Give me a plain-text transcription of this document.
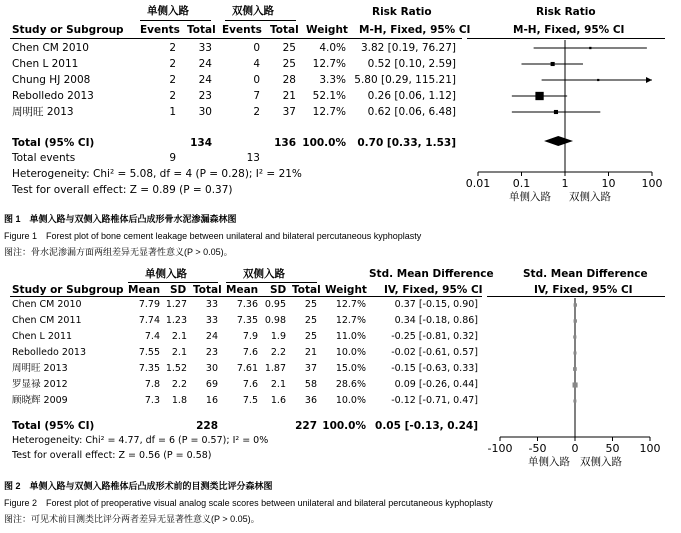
单侧入路	双侧入路	Risk Ratio	Risk Ratio
Study or Subgroup Events Total Events Total Weight M-H, Fixed, 95% CI	M-H, Fixed, 95% CI
Chen CM 2010	2	33	0	25	4.0%	3.82 [0.19, 76.27]
Chen L 2011	2	24	4	25	12.7%	0.52 [0.10, 2.59]
Chung HJ 2008	2	24	0	28	3.3% 5.80 [0.29, 115.21]
Rebolledo 2013	2	23	7	21	52.1%	0.26 [0.06, 1.12]
周明旺 2013	1	30	2	37	12.7%	0.62 [0.06, 6.48]
Total (95% CI)	134	136 100.0%	0.70 [0.33, 1.53]
Total events	9	13
Heterogeneity: Chi² = 5.08, df = 4 (P = 0.28); I² = 21%
Test for overall effect: Z = 0.89 (P = 0.37)	0.01 0.1	1	10 100
单侧入路 双侧入路
图 1　单侧入路与双侧入路椎体后凸成形骨水泥渗漏森林图
Figure 1　Forest plot of bone cement leakage between unilateral and bilateral percutaneous kyphoplasty
图注：骨水泥渗漏方面两组差异无显著性意义(P > 0.05)。
单侧入路	双侧入路	Std. Mean Difference	Std. Mean Difference
Study or Subgroup Mean SD Total Mean SD Total Weight IV, Fixed, 95% CI	IV, Fixed, 95% CI
Chen CM 2010	7.79 1.27	33	7.36 0.95	25	12.7%	0.37 [-0.15, 0.90]
Chen CM 2011	7.74 1.23	33	7.35 0.98	25	12.7%	0.34 [-0.18, 0.86]
Chen L 2011	7.4	2.1	24	7.9	1.9	25	11.0%	-0.25 [-0.81, 0.32]
Rebolledo 2013	7.55	2.1	23	7.6	2.2	21	10.0%	-0.02 [-0.61, 0.57]
周明旺 2013	7.35 1.52	30	7.61 1.87	37	15.0%	-0.15 [-0.63, 0.33]
罗显禄 2012	7.8	2.2	69	7.6	2.1	58	28.6%	0.09 [-0.26, 0.44]
顾晓辉 2009	7.3	1.8	16	7.5	1.6	36	10.0%	-0.12 [-0.71, 0.47]
Total (95% CI)	228	227 100.0% 0.05 [-0.13, 0.24]
Heterogeneity: Chi² = 4.77, df = 6 (P = 0.57); I² = 0%
Test for overall effect: Z = 0.56 (P = 0.58)
-100 -50 0 50 100
单侧入路 双侧入路
图 2　单侧入路与双侧入路椎体后凸成形术前的目测类比评分森林图
Figure 2　Forest plot of preoperative visual analog scale scores between unilateral and bilateral percutaneous kyphoplasty
图注：可见术前目测类比评分两者差异无显著性意义(P > 0.05)。
